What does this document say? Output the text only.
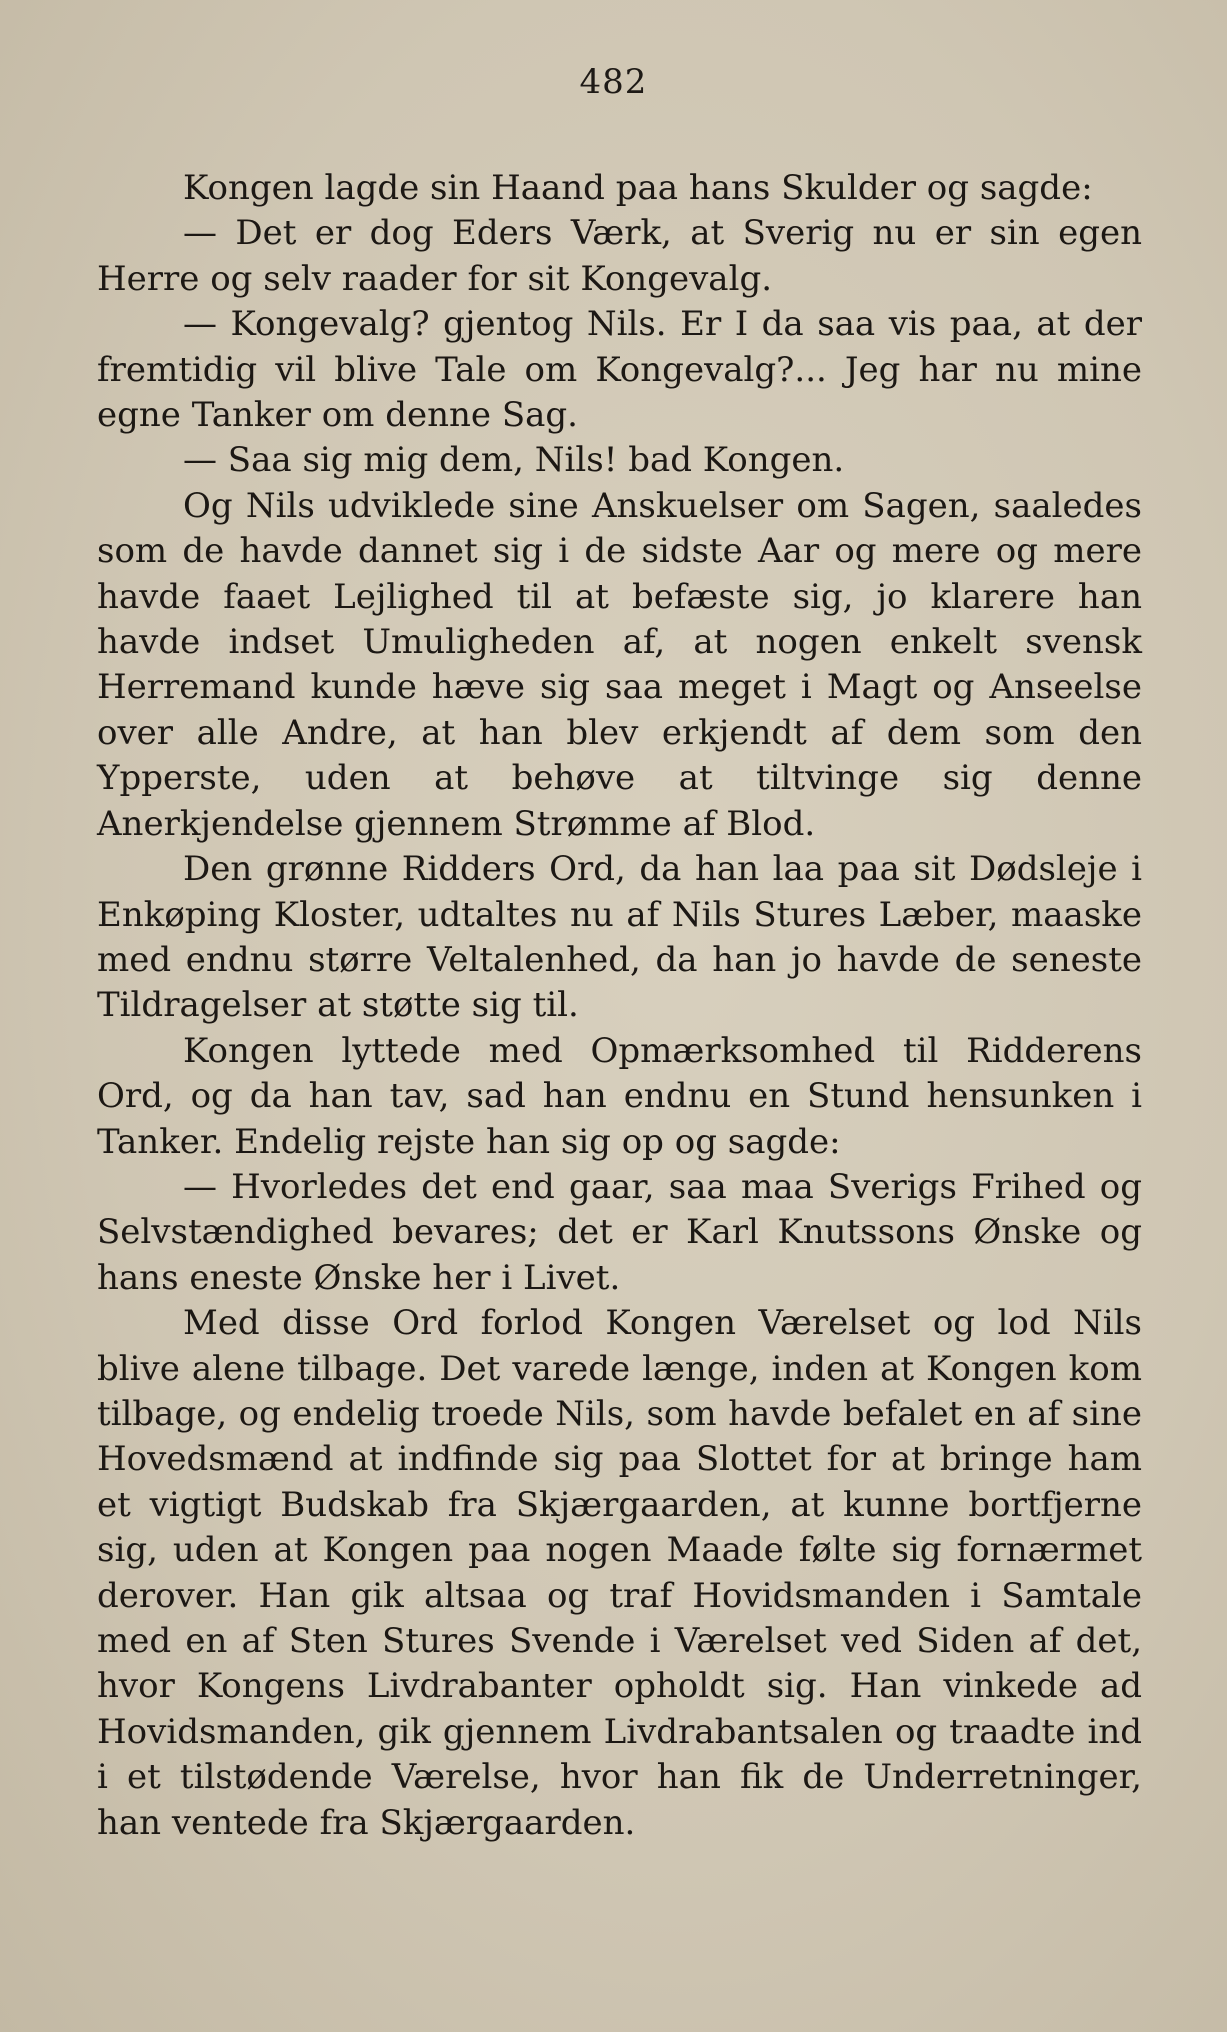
482

Kongen lagde sin Haand paa hans Skulder og sagde:

— Det er dog Eders Værk, at Sverig nu er sin egen Herre og selv raader for sit Kongevalg.

— Kongevalg? gjentog Nils. Er I da saa vis paa, at der fremtidig vil blive Tale om Kongevalg?... Jeg har nu mine egne Tanker om denne Sag.

— Saa sig mig dem, Nils! bad Kongen.

Og Nils udviklede sine Anskuelser om Sagen, saaledes som de havde dannet sig i de sidste Aar og mere og mere havde faaet Lejlighed til at befæste sig, jo klarere han havde indset Umuligheden af, at nogen enkelt svensk Herremand kunde hæve sig saa meget i Magt og Anseelse over alle Andre, at han blev erkjendt af dem som den Ypperste, uden at behøve at tiltvinge sig denne Anerkjendelse gjennem Strømme af Blod.

Den grønne Ridders Ord, da han laa paa sit Dødsleje i Enkøping Kloster, udtaltes nu af Nils Stures Læber, maaske med endnu større Veltalenhed, da han jo havde de seneste Tildragelser at støtte sig til.

Kongen lyttede med Opmærksomhed til Ridderens Ord, og da han tav, sad han endnu en Stund hensunken i Tanker. Endelig rejste han sig op og sagde:

— Hvorledes det end gaar, saa maa Sverigs Frihed og Selvstændighed bevares; det er Karl Knutssons Ønske og hans eneste Ønske her i Livet.

Med disse Ord forlod Kongen Værelset og lod Nils blive alene tilbage. Det varede længe, inden at Kongen kom tilbage, og endelig troede Nils, som havde befalet en af sine Hovedsmænd at indfinde sig paa Slottet for at bringe ham et vigtigt Budskab fra Skjærgaarden, at kunne bortfjerne sig, uden at Kongen paa nogen Maade følte sig fornærmet derover. Han gik altsaa og traf Hovidsmanden i Samtale med en af Sten Stures Svende i Værelset ved Siden af det, hvor Kongens Livdrabanter opholdt sig. Han vinkede ad Hovidsmanden, gik gjennem Livdrabantsalen og traadte ind i et tilstødende Værelse, hvor han fik de Underretninger, han ventede fra Skjærgaarden.
